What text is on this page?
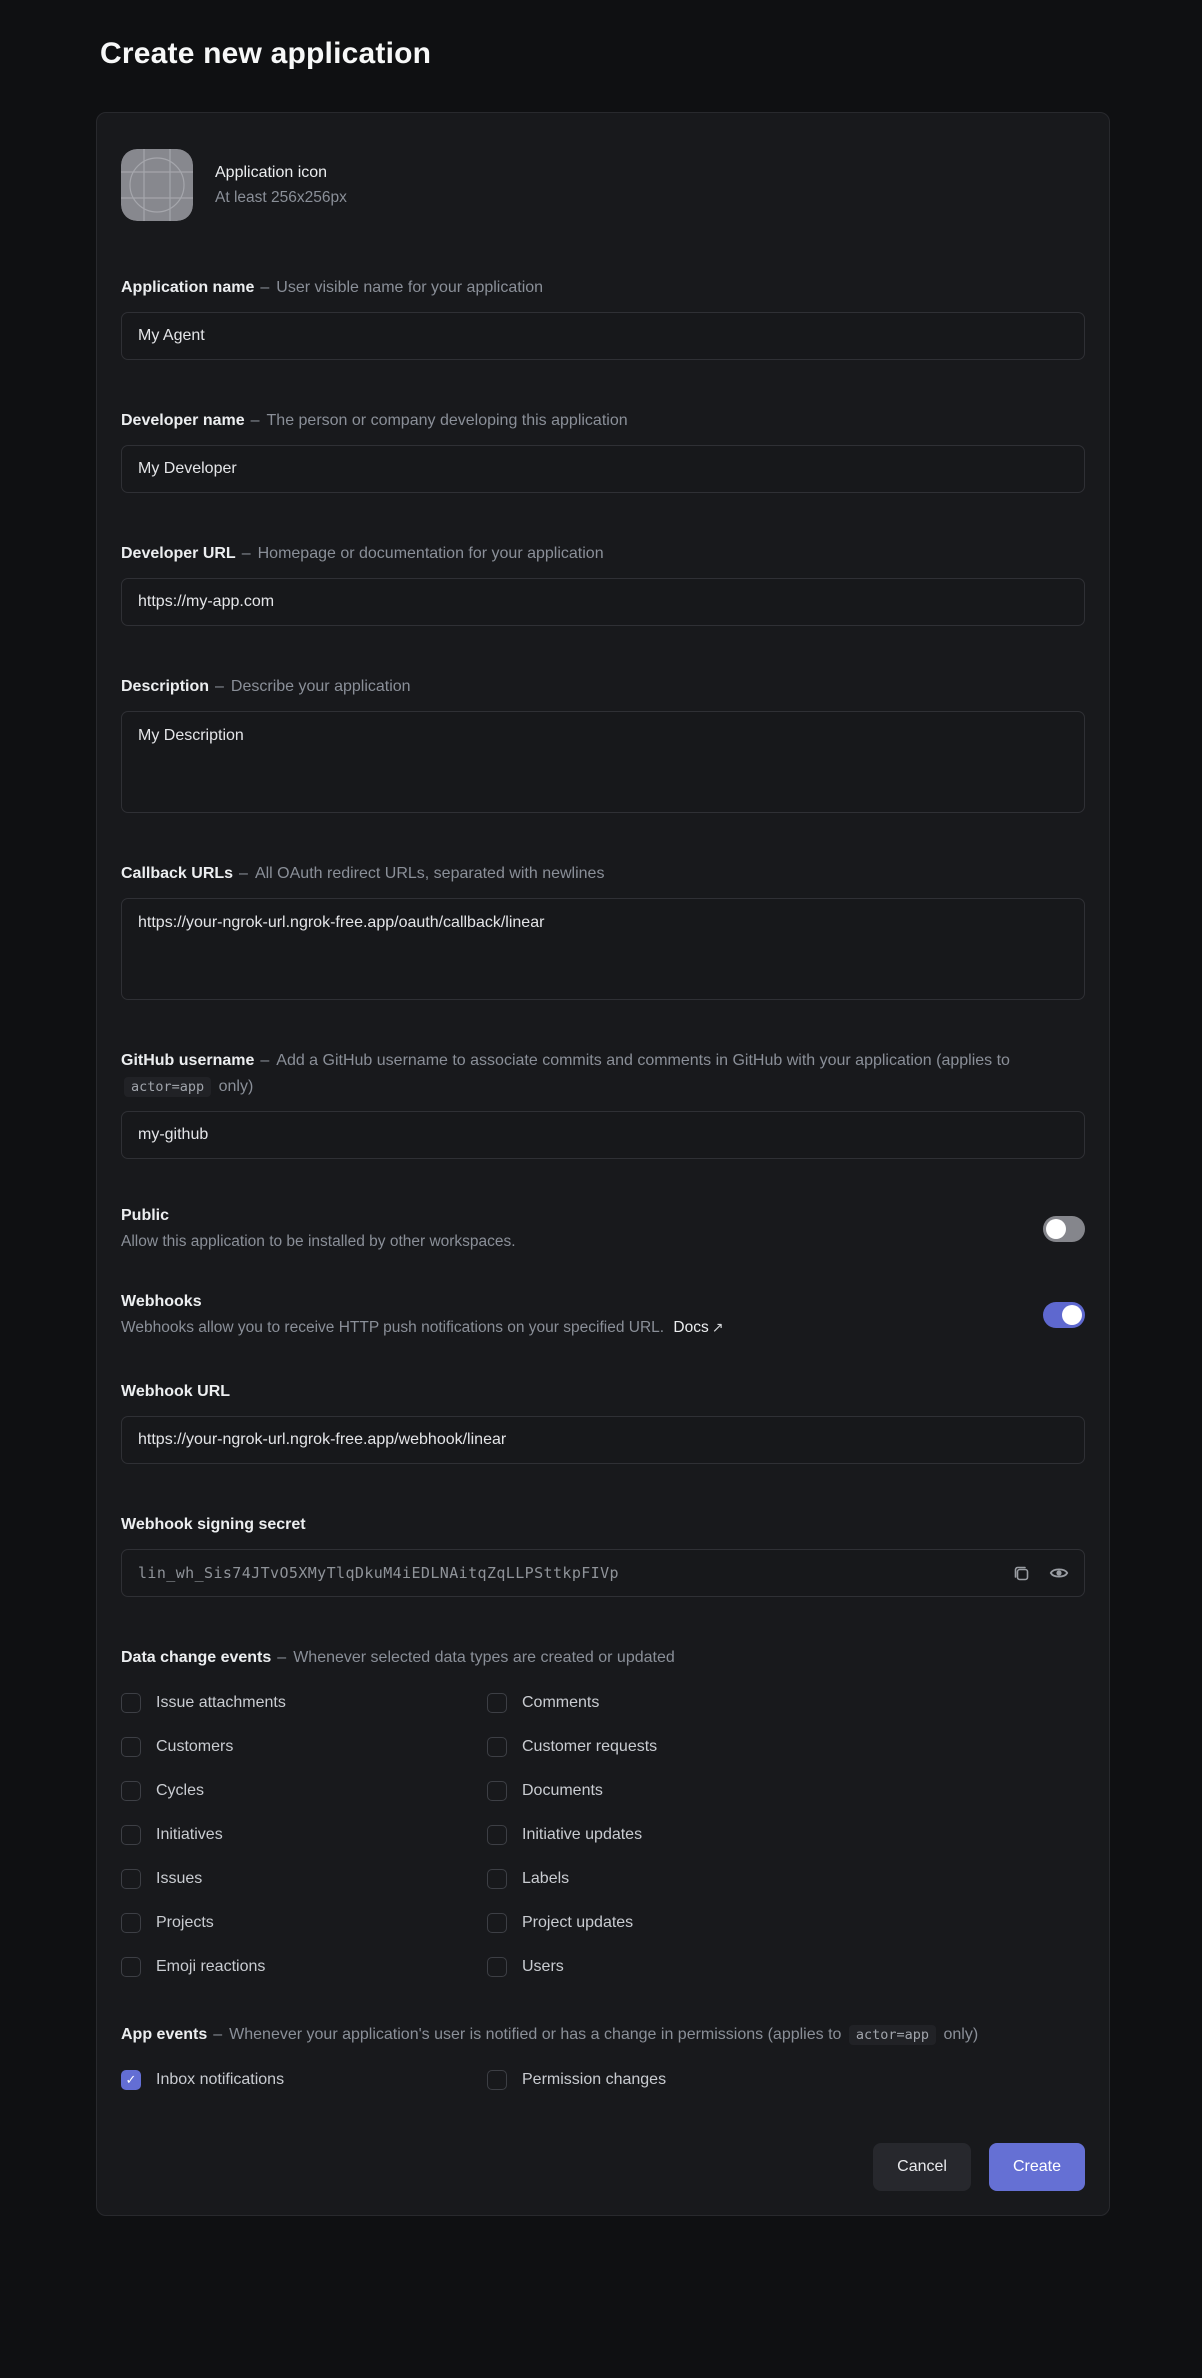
Create new application
Application icon
At least 256x256px
Application name – User visible name for your application
My Agent
Developer name – The person or company developing this application
My Developer
Developer URL – Homepage or documentation for your application
https://my-app.com
Description – Describe your application
My Description
Callback URLs – All OAuth redirect URLs, separated with newlines
https://your-ngrok-url.ngrok-free.app/oauth/callback/linear
GitHub username – Add a GitHub username to associate commits and comments in GitHub with your application (applies to actor=app only)
my-github
Public
Allow this application to be installed by other workspaces.
Webhooks
Webhooks allow you to receive HTTP push notifications on your specified URL. Docs ↗
Webhook URL
https://your-ngrok-url.ngrok-free.app/webhook/linear
Webhook signing secret
lin_wh_Sis74JTvO5XMyTlqDkuM4iEDLNAitqZqLLPSttkpFIVp
Data change events – Whenever selected data types are created or updated
Issue attachments
Customers
Cycles
Initiatives
Issues
Projects
Emoji reactions
Comments
Customer requests
Documents
Initiative updates
Labels
Project updates
Users
App events – Whenever your application's user is notified or has a change in permissions (applies to actor=app only)
✓
Inbox notifications	Permission changes
Cancel	Create
